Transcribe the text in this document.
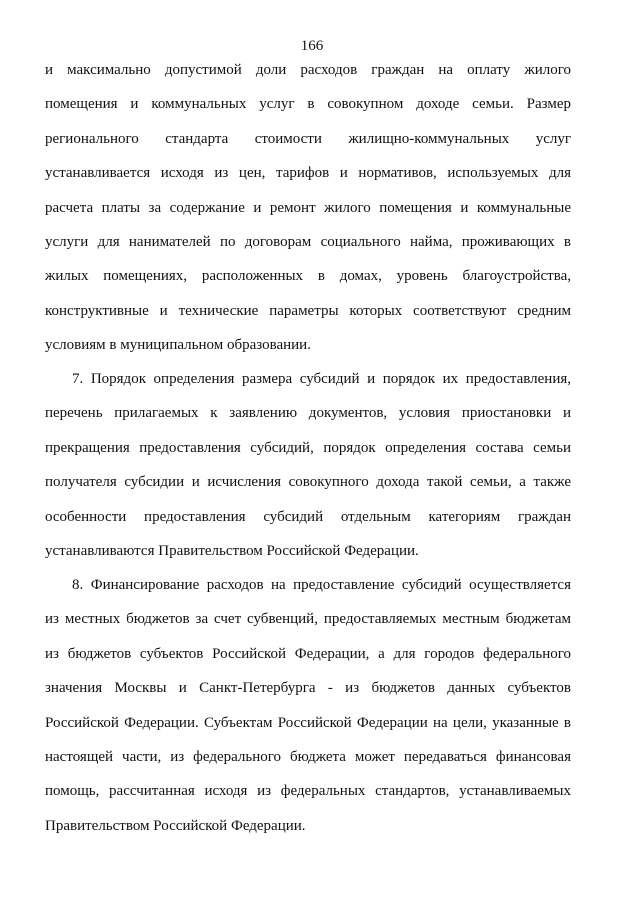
166
и максимально допустимой доли расходов граждан на оплату жилого
помещения и коммунальных услуг в совокупном доходе семьи. Размер
регионального стандарта стоимости жилищно-коммунальных услуг
устанавливается исходя из цен, тарифов и нормативов, используемых для
расчета платы за содержание и ремонт жилого помещения и коммунальные
услуги для нанимателей по договорам социального найма, проживающих в
жилых помещениях, расположенных в домах, уровень благоустройства,
конструктивные и технические параметры которых соответствуют средним
условиям в муниципальном образовании.
7. Порядок определения размера субсидий и порядок их предоставления,
перечень прилагаемых к заявлению документов, условия приостановки и
прекращения предоставления субсидий, порядок определения состава семьи
получателя субсидии и исчисления совокупного дохода такой семьи, а также
особенности предоставления субсидий отдельным категориям граждан
устанавливаются Правительством Российской Федерации.
8. Финансирование расходов на предоставление субсидий осуществляется
из местных бюджетов за счет субвенций, предоставляемых местным бюджетам
из бюджетов субъектов Российской Федерации, а для городов федерального
значения Москвы и Санкт-Петербурга - из бюджетов данных субъектов
Российской Федерации. Субъектам Российской Федерации на цели, указанные в
настоящей части, из федерального бюджета может передаваться финансовая
помощь, рассчитанная исходя из федеральных стандартов, устанавливаемых
Правительством Российской Федерации.
